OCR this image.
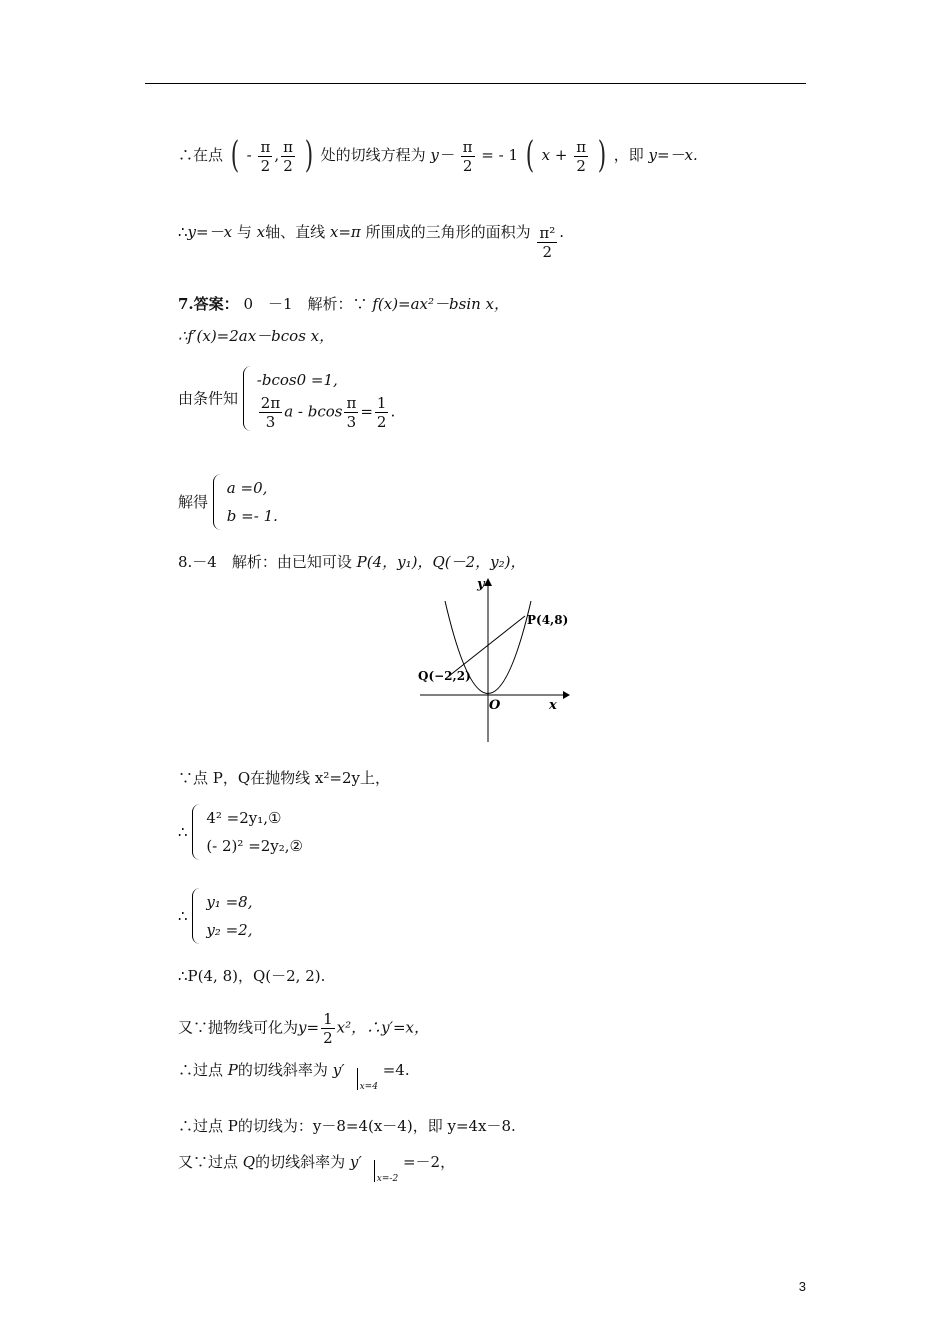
∴在点 ( - $\frac{\pi}{2}$ , $\frac{\pi}{2}$ ) 处的切线方程为 $y- \frac{\pi}{2}$ = - 1 ( $x + \frac{\pi}{2}$ ) ，即 y=－x.
∴y=－x 与 x轴、直线 x=π 所围成的三角形的面积为 $\frac{\text{π²}}{2}$ .
7.答案： 0　－1　解析：∵ f(x)=ax²－bsin x，
∴f′(x)=2ax－bcos x，
由条件知
-bcos0 =1,
$\frac{2\pi}{3}$ a - bcos $\frac{\pi}{3} = \frac{1}{2}$ .
解得
a =0,
b =- 1.
8.－4　解析：由已知可设 P(4，y₁)，Q(－2，y₂)，
y
x
O
P(4,8)
Q(−2,2)
∵点 P，Q在抛物线 x²=2y上，
∴
4² =2y₁,①
(- 2)² =2y₂,②
∴
y₁ =8,
y₂ =2,
∴P(4, 8)，Q(－2, 2).
又∵抛物线可化为$y= \frac{1}{2} x^2$，∴y′=x，
∴过点 P的切线斜率为 y′x=4 =4.
∴过点 P的切线为：y－8=4(x－4)，即 y=4x－8.
又∵过点 Q的切线斜率为 y′x=-2 =－2，
3
